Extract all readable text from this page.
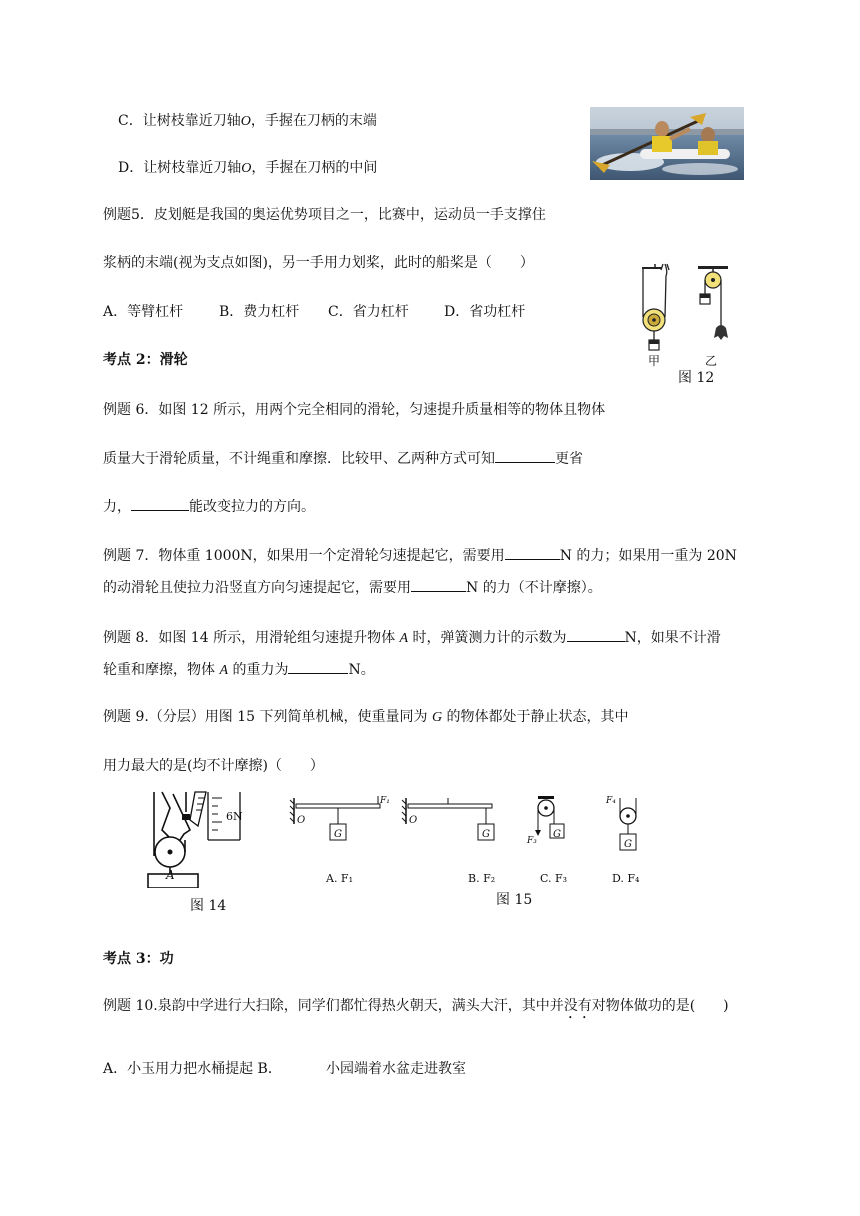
C．让树枝靠近刀轴O，手握在刀柄的末端
D．让树枝靠近刀轴O，手握在刀柄的中间
例题5．皮划艇是我国的奥运优势项目之一，比赛中，运动员一手支撑住
浆柄的末端(视为支点如图)，另一手用力划桨，此时的船桨是（　　）
A．等臂杠杆	B．费力杠杆 C．省力杠杆	D．省功杠杆
考点 2：滑轮	甲	乙
图 12
例题 6．如图 12 所示，用两个完全相同的滑轮，匀速提升质量相等的物体且物体
质量大于滑轮质量，不计绳重和摩擦．比较甲、乙两种方式可知	更省
力，	能改变拉力的方向。
例题 7．物体重 1000N，如果用一个定滑轮匀速提起它，需要用	N 的力；如果用一重为 20N
的动滑轮且使拉力沿竖直方向匀速提起它，需要用	N 的力（不计摩擦）。
例题 8．如图 14 所示，用滑轮组匀速提升物体 A 时，弹簧测力计的示数为	N，如果不计滑
轮重和摩擦，物体 A 的重力为	N。
例题 9.（分层）用图 15 下列简单机械，使重量同为 G 的物体都处于静止状态，其中
用力最大的是(均不计摩擦)（　　）
A
6N
图 14
O	O
G	G	G
G
F₁
F₃
F₄
A. F₁	B. F₂	C. F₃	D. F₄
图 15
考点 3：功
例题 10.泉韵中学进行大扫除，同学们都忙得热火朝天，满头大汗，其中并没有对物体做功的是(　　)
A．小玉用力把水桶提起 B．	小园端着水盆走进教室
